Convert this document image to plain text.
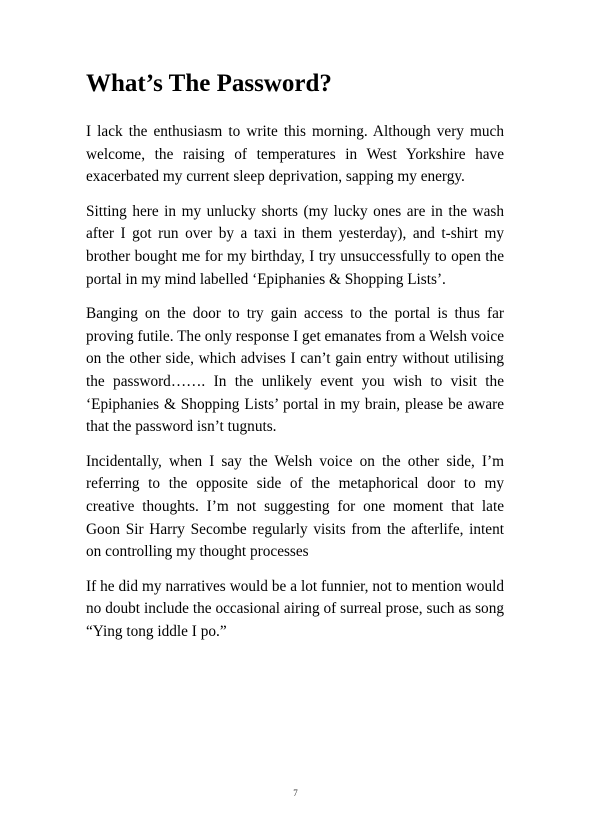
What’s The Password?

I lack the enthusiasm to write this morning. Although very much welcome, the raising of temperatures in West Yorkshire have exacerbated my current sleep deprivation, sapping my energy.

Sitting here in my unlucky shorts (my lucky ones are in the wash after I got run over by a taxi in them yesterday), and t-shirt my brother bought me for my birthday, I try unsuccessfully to open the portal in my mind labelled ‘Epiphanies & Shopping Lists’.

Banging on the door to try gain access to the portal is thus far proving futile. The only response I get emanates from a Welsh voice on the other side, which advises I can’t gain entry without utilising the password……. In the unlikely event you wish to visit the ‘Epiphanies & Shopping Lists’ portal in my brain, please be aware that the password isn’t tugnuts.

Incidentally, when I say the Welsh voice on the other side, I’m referring to the opposite side of the metaphorical door to my creative thoughts. I’m not suggesting for one moment that late Goon Sir Harry Secombe regularly visits from the afterlife, intent on controlling my thought processes

If he did my narratives would be a lot funnier, not to mention would no doubt include the occasional airing of surreal prose, such as song “Ying tong iddle I po.”

7
